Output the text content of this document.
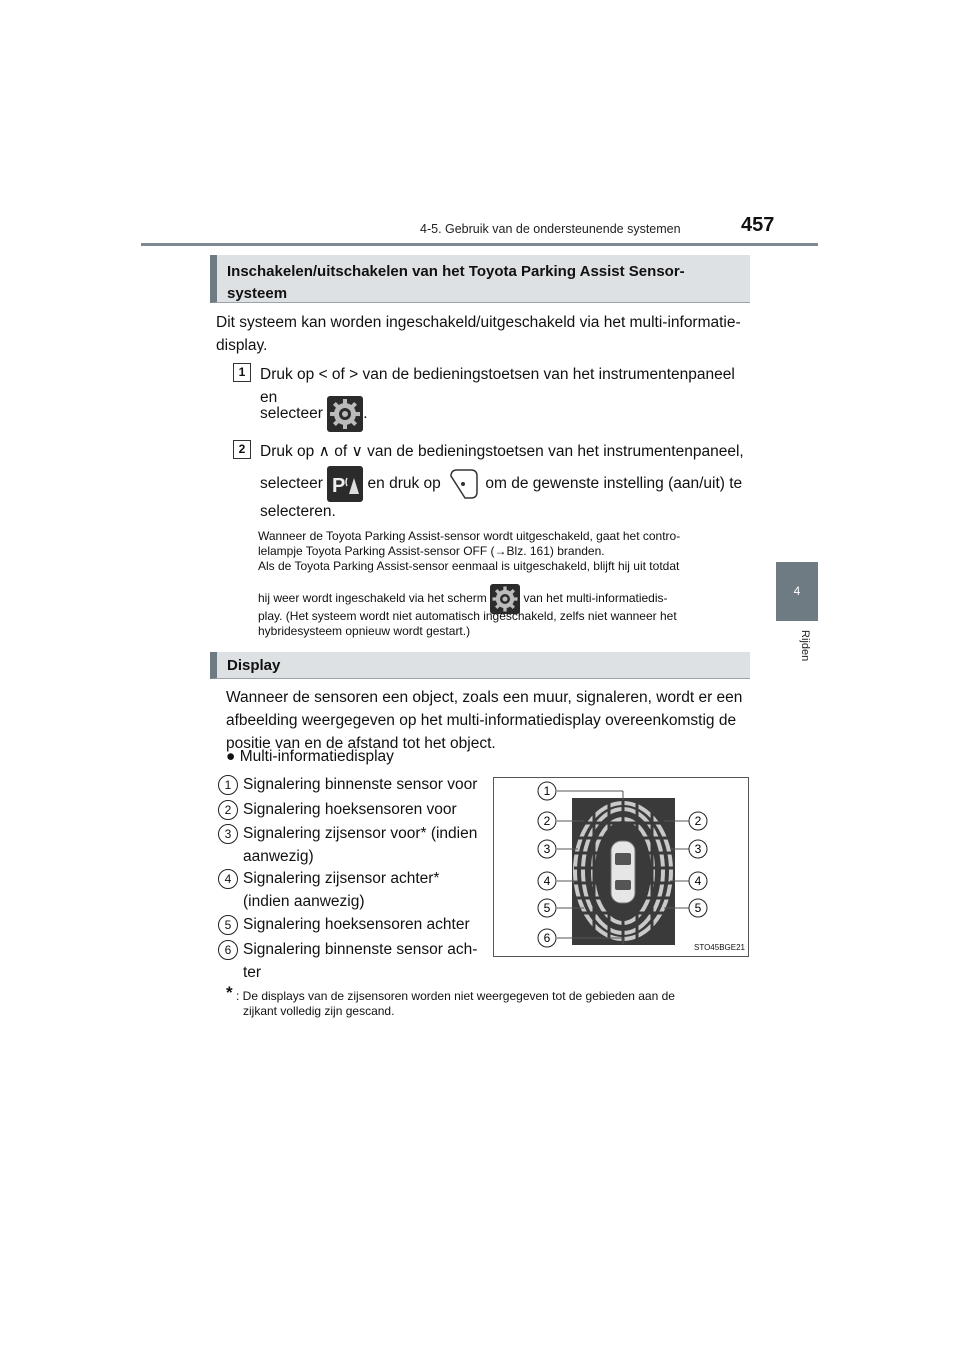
4-5. Gebruik van de ondersteunende systemen	457
4
Rijden
Inschakelen/uitschakelen van het Toyota Parking Assist Sensor-systeem
Dit systeem kan worden ingeschakeld/uitgeschakeld via het multi-informatie-display.
1 Druk op < of > van de bedieningstoetsen van het instrumentenpaneel en
selecteer	.
2 Druk op ∧ of ∨ van de bedieningstoetsen van het instrumentenpaneel,
selecteer P en druk op	om de gewenste instelling (aan/uit) te
selecteren.
Wanneer de Toyota Parking Assist-sensor wordt uitgeschakeld, gaat het contro-
lelampje Toyota Parking Assist-sensor OFF (→Blz. 161) branden.
Als de Toyota Parking Assist-sensor eenmaal is uitgeschakeld, blijft hij uit totdat
hij weer wordt ingeschakeld via het scherm	van het multi-informatiedis-
play. (Het systeem wordt niet automatisch ingeschakeld, zelfs niet wanneer het
hybridesysteem opnieuw wordt gestart.)
Display
Wanneer de sensoren een object, zoals een muur, signaleren, wordt er een afbeelding weergegeven op het multi-informatiedisplay overeenkomstig de positie van en de afstand tot het object.
● Multi-informatiedisplay
1 Signalering binnenste sensor voor
2 Signalering hoeksensoren voor
3 Signalering zijsensor voor* (indien
aanwezig)
4 Signalering zijsensor achter*
(indien aanwezig)
5 Signalering hoeksensoren achter
6 Signalering binnenste sensor ach-
ter
1
2	2
3	3
4	4
5	5
6
STO45BGE21
* : De displays van de zijsensoren worden niet weergegeven tot de gebieden aan de
zijkant volledig zijn gescand.
